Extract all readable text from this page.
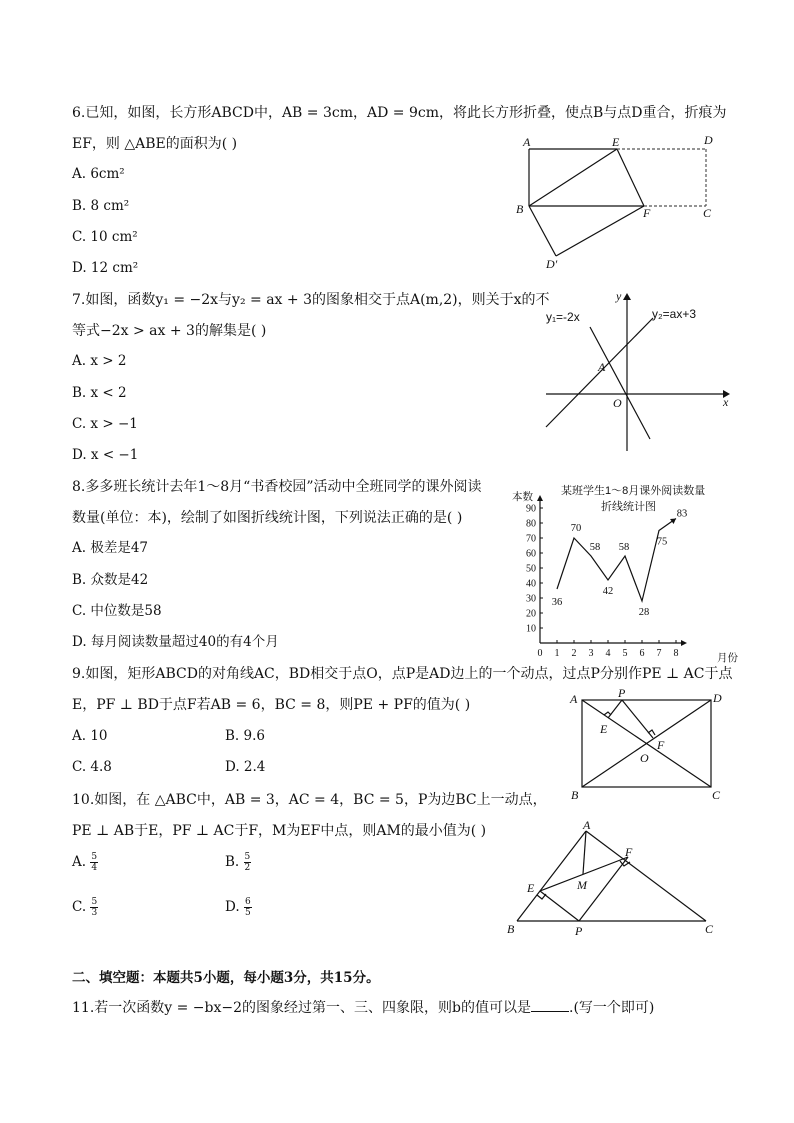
6.已知，如图，长方形ABCD中，AB = 3cm，AD = 9cm，将此长方形折叠，使点B与点D重合，折痕为
EF，则 △ABE的面积为( )
A. 6cm²
B. 8 cm²
C. 10 cm²
D. 12 cm²
A	E	D
B	F	C
D′
7.如图，函数y₁ = −2x与y₂ = ax + 3的图象相交于点A(m,2)，则关于x的不
等式−2x > ax + 3的解集是( )
A. x > 2
B. x < 2
C. x > −1
D. x < −1
y
x
y₁=-2x	y₂=ax+3
A
O
8.多多班长统计去年1～8月“书香校园”活动中全班同学的课外阅读
数量(单位：本)，绘制了如图折线统计图，下列说法正确的是( )
A. 极差是47
B. 众数是42
C. 中位数是58
D. 每月阅读数量超过40的有4个月
某班学生1～8月课外阅读数量
折线统计图
本数
月份
10
20
30
40
50
60
70
80
90
0 1 2 3 4 5 6 7 8
36
70
58
42
58
28
75
83
9.如图，矩形ABCD的对角线AC，BD相交于点O，点P是AD边上的一个动点，过点P分别作PE ⊥ AC于点
E，PF ⊥ BD于点F若AB = 6，BC = 8，则PE + PF的值为( )
A. 10	B. 9.6
C. 4.8	D. 2.4
A	P	D
E
F
O
B	C
10.如图，在 △ABC中，AB = 3，AC = 4，BC = 5，P为边BC上一动点，
PE ⊥ AB于E，PF ⊥ AC于F，M为EF中点，则AM的最小值为( )
A. $\frac{5}{4}$	B. $\frac{5}{2}$
C. $\frac{5}{3}$	D. $\frac{6}{5}$
A
F
E	M
B	P	C
二、填空题：本题共5小题，每小题3分，共15分。
11.若一次函数y = −bx−2的图象经过第一、三、四象限，则b的值可以是	.(写一个即可)
